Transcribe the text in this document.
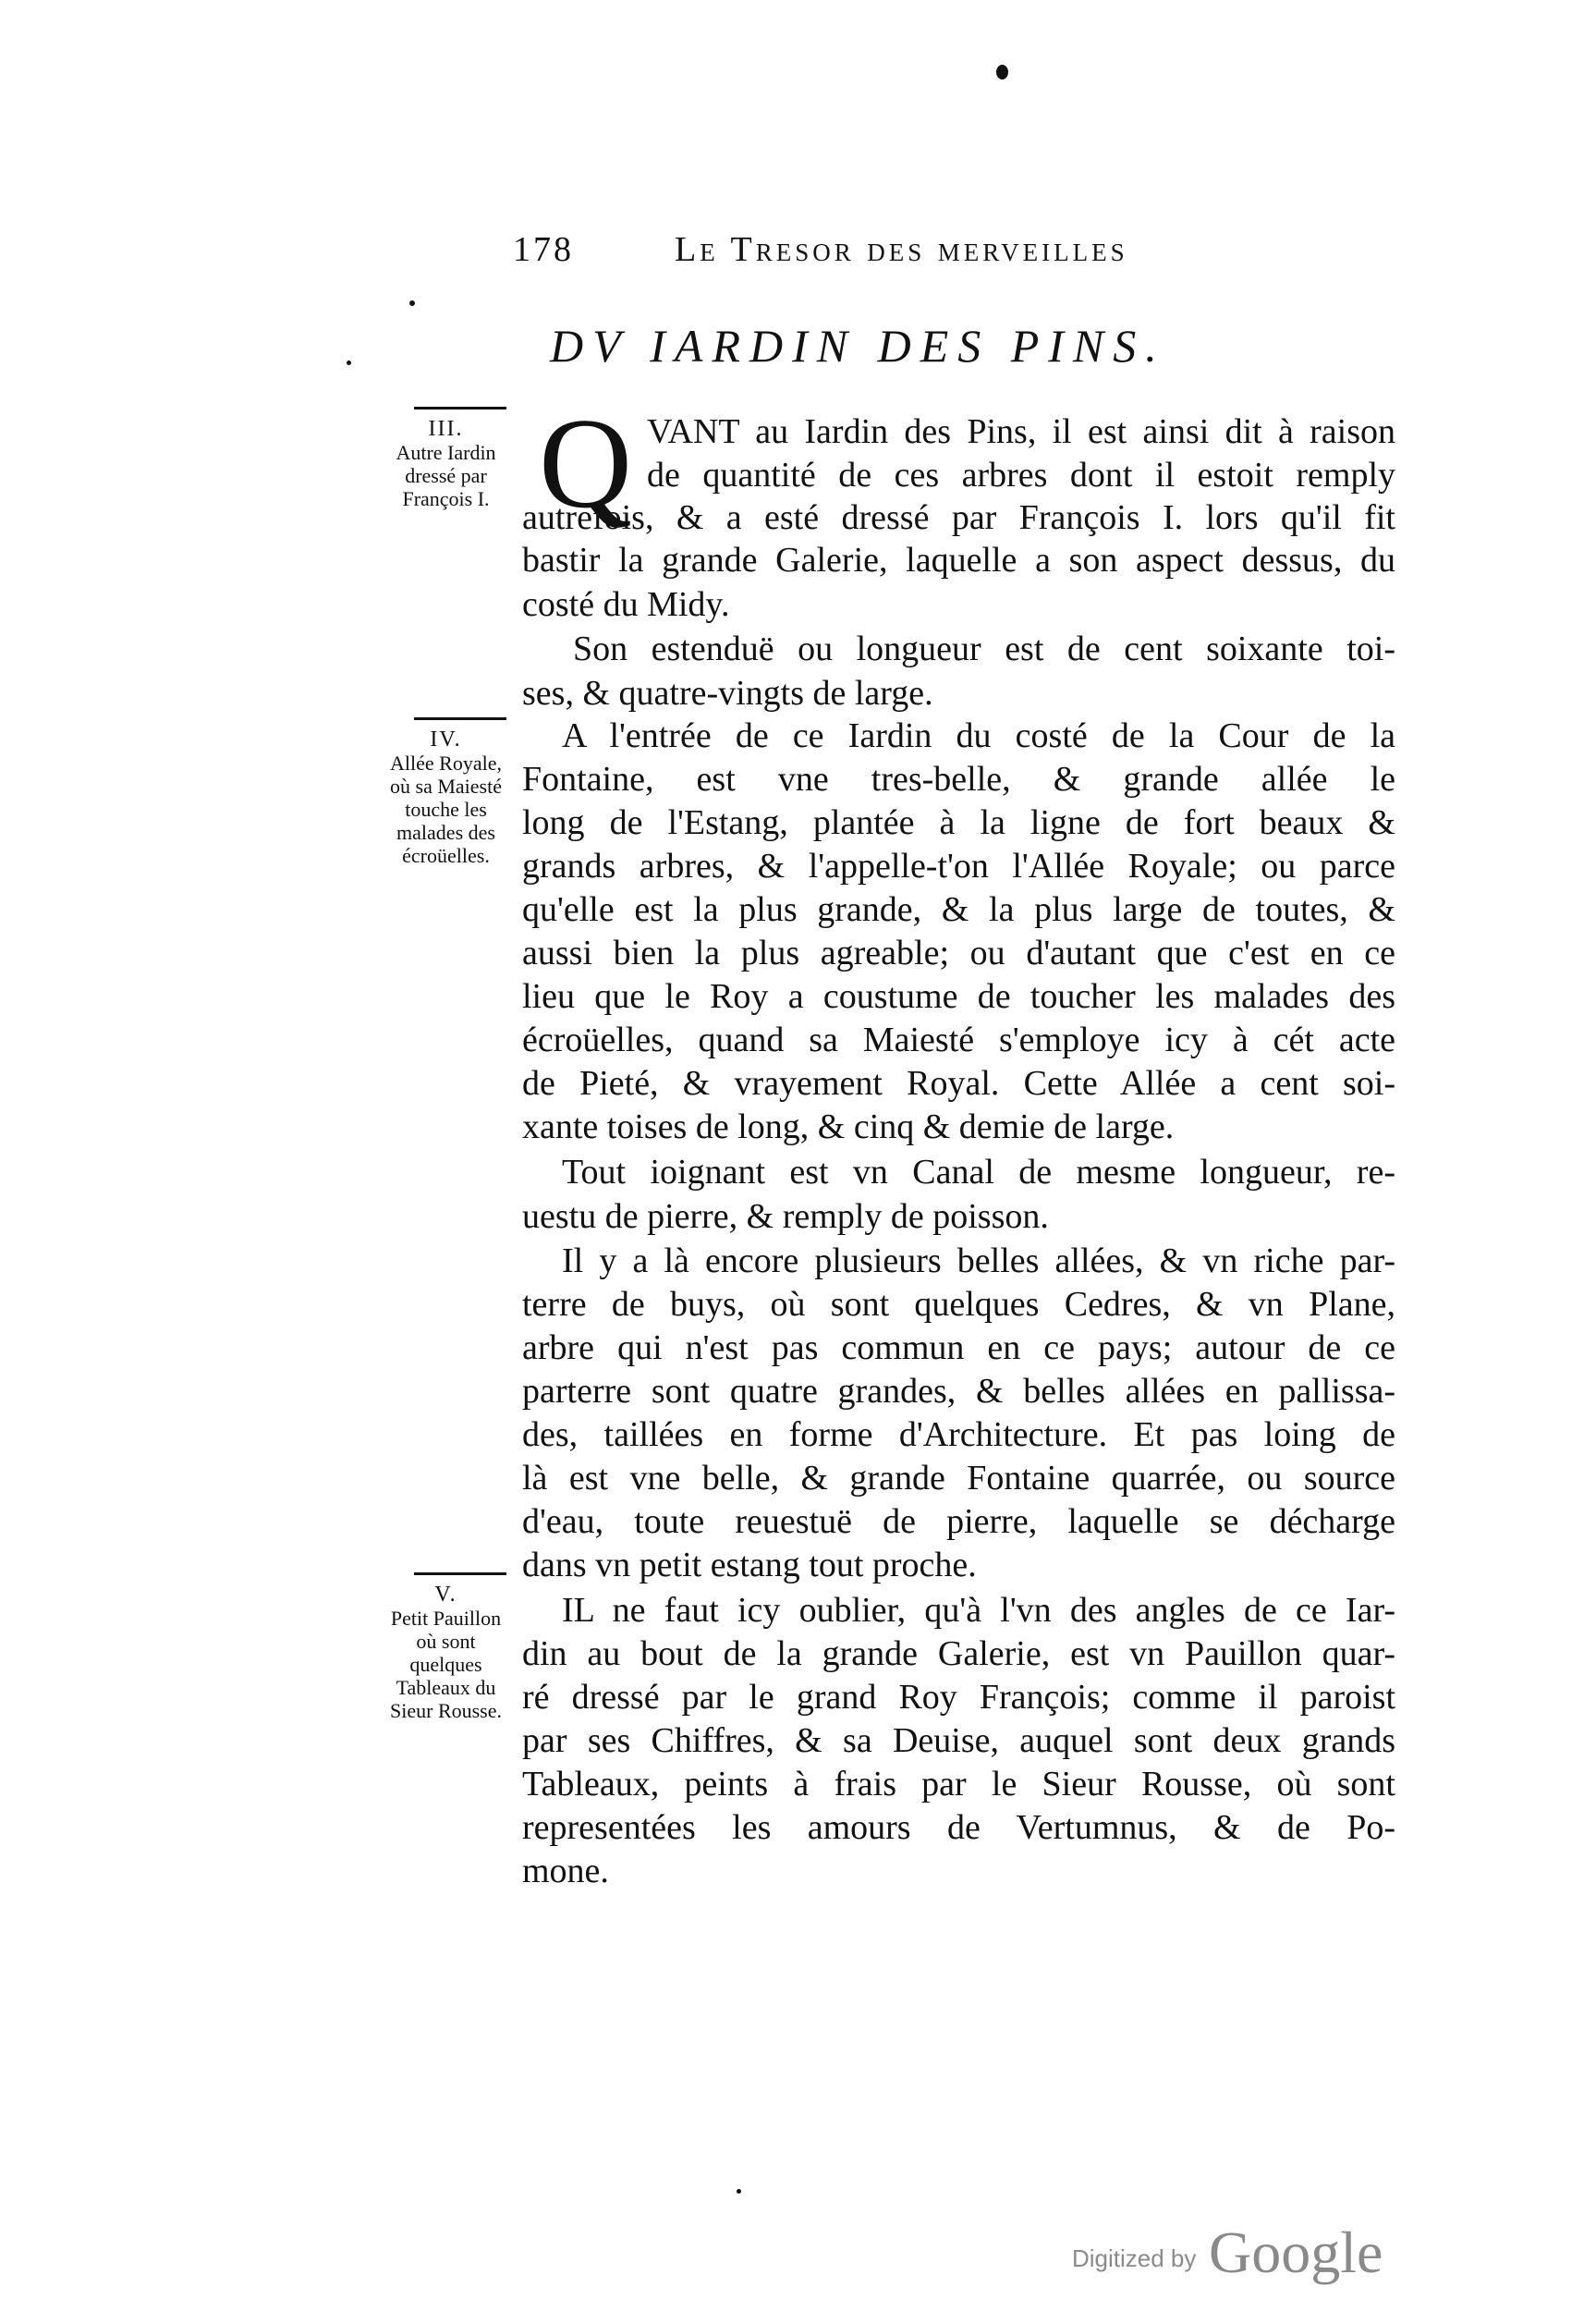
178	Le Tresor des merveilles
DV IARDIN DES PINS.
III.
Autre Iardin dressé par François I.
IV.
Allée Royale, où sa Maiesté touche les malades des écroüelles.
V.
Petit Pauillon où sont quelques Tableaux du Sieur Rousse.
Q VANT au Iardin des Pins, il est ainsi dit à raison
de quantité de ces arbres dont il estoit remply
autrefois, & a esté dressé par François I. lors qu'il fit
bastir la grande Galerie, laquelle a son aspect dessus, du
costé du Midy.
Son estenduë ou longueur est de cent soixante toi-
ses, & quatre-vingts de large.
A l'entrée de ce Iardin du costé de la Cour de la
Fontaine, est vne tres-belle, & grande allée le
long de l'Estang, plantée à la ligne de fort beaux &
grands arbres, & l'appelle-t'on l'Allée Royale; ou parce
qu'elle est la plus grande, & la plus large de toutes, &
aussi bien la plus agreable; ou d'autant que c'est en ce
lieu que le Roy a coustume de toucher les malades des
écroüelles, quand sa Maiesté s'employe icy à cét acte
de Pieté, & vrayement Royal. Cette Allée a cent soi-
xante toises de long, & cinq & demie de large.
Tout ioignant est vn Canal de mesme longueur, re-
uestu de pierre, & remply de poisson.
Il y a là encore plusieurs belles allées, & vn riche par-
terre de buys, où sont quelques Cedres, & vn Plane,
arbre qui n'est pas commun en ce pays; autour de ce
parterre sont quatre grandes, & belles allées en pallissa-
des, taillées en forme d'Architecture. Et pas loing de
là est vne belle, & grande Fontaine quarrée, ou source
d'eau, toute reuestuë de pierre, laquelle se décharge
dans vn petit estang tout proche.
IL ne faut icy oublier, qu'à l'vn des angles de ce Iar-
din au bout de la grande Galerie, est vn Pauillon quar-
ré dressé par le grand Roy François; comme il paroist
par ses Chiffres, & sa Deuise, auquel sont deux grands
Tableaux, peints à frais par le Sieur Rousse, où sont
representées les amours de Vertumnus, & de Po-
mone.
Digitized by Google
